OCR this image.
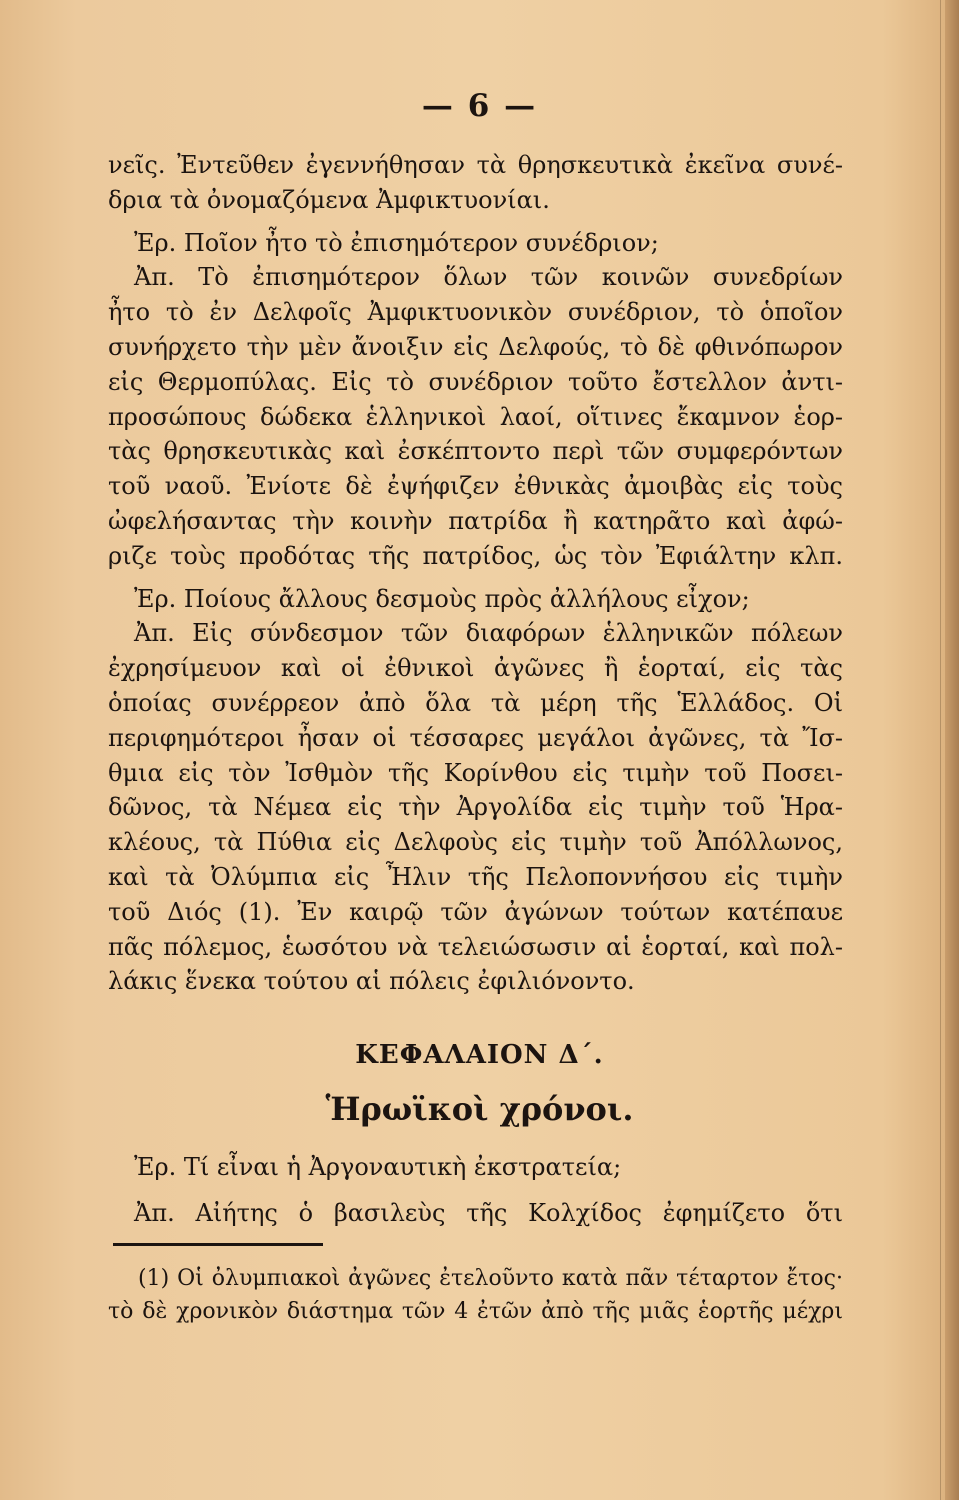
— 6 —
νεῖς. Ἐντεῦθεν ἐγεννήθησαν τὰ θρησκευτικὰ ἐκεῖνα συνέ-
δρια τὰ ὀνομαζόμενα Ἀμφικτυονίαι.
Ἐρ. Ποῖον ἦτο τὸ ἐπισημότερον συνέδριον;
Ἀπ. Τὸ ἐπισημότερον ὅλων τῶν κοινῶν συνεδρίων
ἦτο τὸ ἐν Δελφοῖς Ἀμφικτυονικὸν συνέδριον, τὸ ὁποῖον
συνήρχετο τὴν μὲν ἄνοιξιν εἰς Δελφούς, τὸ δὲ φθινόπωρον
εἰς Θερμοπύλας. Εἰς τὸ συνέδριον τοῦτο ἔστελλον ἀντι-
προσώπους δώδεκα ἑλληνικοὶ λαοί, οἵτινες ἔκαμνον ἑορ-
τὰς θρησκευτικὰς καὶ ἐσκέπτοντο περὶ τῶν συμφερόντων
τοῦ ναοῦ. Ἐνίοτε δὲ ἐψήφιζεν ἐθνικὰς ἀμοιβὰς εἰς τοὺς
ὠφελήσαντας τὴν κοινὴν πατρίδα ἢ κατηρᾶτο καὶ ἀφώ-
ριζε τοὺς προδότας τῆς πατρίδος, ὡς τὸν Ἐφιάλτην κλπ.
Ἐρ. Ποίους ἄλλους δεσμοὺς πρὸς ἀλλήλους εἶχον;
Ἀπ. Εἰς σύνδεσμον τῶν διαφόρων ἑλληνικῶν πόλεων
ἐχρησίμευον καὶ οἱ ἐθνικοὶ ἀγῶνες ἢ ἑορταί, εἰς τὰς
ὁποίας συνέρρεον ἀπὸ ὅλα τὰ μέρη τῆς Ἑλλάδος. Οἱ
περιφημότεροι ἦσαν οἱ τέσσαρες μεγάλοι ἀγῶνες, τὰ Ἴσ-
θμια εἰς τὸν Ἰσθμὸν τῆς Κορίνθου εἰς τιμὴν τοῦ Ποσει-
δῶνος, τὰ Νέμεα εἰς τὴν Ἀργολίδα εἰς τιμὴν τοῦ Ἡρα-
κλέους, τὰ Πύθια εἰς Δελφοὺς εἰς τιμὴν τοῦ Ἀπόλλωνος,
καὶ τὰ Ὀλύμπια εἰς Ἦλιν τῆς Πελοποννήσου εἰς τιμὴν
τοῦ Διός (1). Ἐν καιρῷ τῶν ἀγώνων τούτων κατέπαυε
πᾶς πόλεμος, ἑωσότου νὰ τελειώσωσιν αἱ ἑορταί, καὶ πολ-
λάκις ἕνεκα τούτου αἱ πόλεις ἐφιλιόνοντο.
ΚΕΦΑΛΑΙΟΝ Δ΄.
Ἡρωϊκοὶ χρόνοι.
Ἐρ. Τί εἶναι ἡ Ἀργοναυτικὴ ἐκστρατεία;
Ἀπ. Αἰήτης ὁ βασιλεὺς τῆς Κολχίδος ἐφημίζετο ὅτι
(1) Οἱ ὀλυμπιακοὶ ἀγῶνες ἐτελοῦντο κατὰ πᾶν τέταρτον ἔτος·
τὸ δὲ χρονικὸν διάστημα τῶν 4 ἐτῶν ἀπὸ τῆς μιᾶς ἑορτῆς μέχρι
